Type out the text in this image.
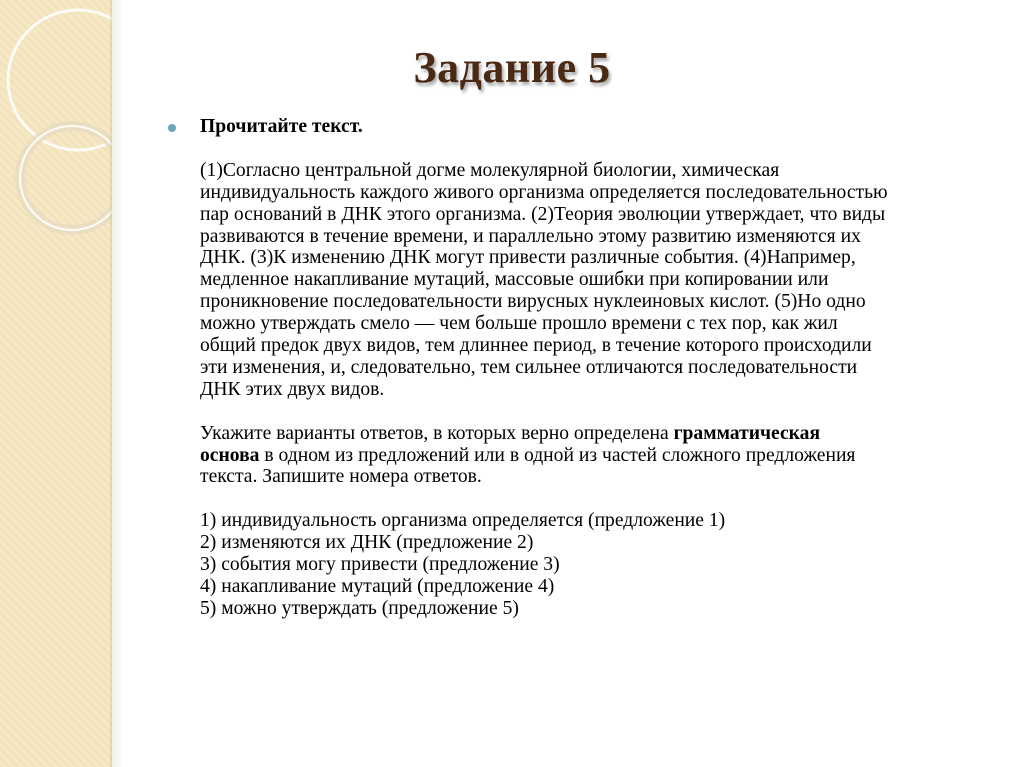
Задание 5
Прочитайте текст.
(1)Согласно центральной догме молекулярной биологии, химическая
индивидуальность каждого живого организма определяется последовательностью
пар оснований в ДНК этого организма. (2)Теория эволюции утверждает, что виды
развиваются в течение времени, и параллельно этому развитию изменяются их
ДНК. (3)К изменению ДНК могут привести различные события. (4)Например,
медленное накапливание мутаций, массовые ошибки при копировании или
проникновение последовательности вирусных нуклеиновых кислот. (5)Но одно
можно утверждать смело — чем больше прошло времени с тех пор, как жил
общий предок двух видов, тем длиннее период, в течение которого происходили
эти изменения, и, следовательно, тем сильнее отличаются последовательности
ДНК этих двух видов.
Укажите варианты ответов, в которых верно определена грамматическая
основа в одном из предложений или в одной из частей сложного предложения
текста. Запишите номера ответов.
1) индивидуальность организма определяется (предложение 1)
2) изменяются их ДНК (предложение 2)
3) события могу привести (предложение 3)
4) накапливание мутаций (предложение 4)
5) можно утверждать (предложение 5)
